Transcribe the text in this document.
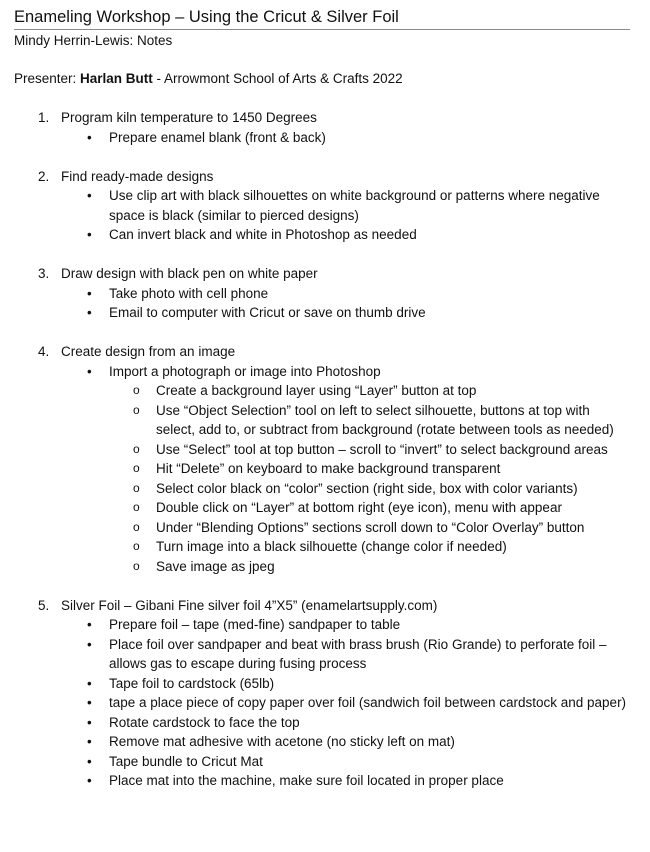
Enameling Workshop – Using the Cricut & Silver Foil

Mindy Herrin-Lewis: Notes

Presenter: Harlan Butt - Arrowmont School of Arts & Crafts 2022

1. Program kiln temperature to 1450 Degrees
• Prepare enamel blank (front & back)
2. Find ready-made designs
• Use clip art with black silhouettes on white background or patterns where negative space is black (similar to pierced designs)
• Can invert black and white in Photoshop as needed
3. Draw design with black pen on white paper
• Take photo with cell phone
• Email to computer with Cricut or save on thumb drive
4. Create design from an image
• Import a photograph or image into Photoshop
o Create a background layer using “Layer” button at top
o Use “Object Selection” tool on left to select silhouette, buttons at top with select, add to, or subtract from background (rotate between tools as needed)
o Use “Select” tool at top button – scroll to “invert” to select background areas
o Hit “Delete” on keyboard to make background transparent
o Select color black on “color” section (right side, box with color variants)
o Double click on “Layer” at bottom right (eye icon), menu with appear
o Under “Blending Options” sections scroll down to “Color Overlay” button
o Turn image into a black silhouette (change color if needed)
o Save image as jpeg
5. Silver Foil – Gibani Fine silver foil 4”X5” (enamelartsupply.com)
• Prepare foil – tape (med-fine) sandpaper to table
• Place foil over sandpaper and beat with brass brush (Rio Grande) to perforate foil – allows gas to escape during fusing process
• Tape foil to cardstock (65lb)
• tape a place piece of copy paper over foil (sandwich foil between cardstock and paper)
• Rotate cardstock to face the top
• Remove mat adhesive with acetone (no sticky left on mat)
• Tape bundle to Cricut Mat
• Place mat into the machine, make sure foil located in proper place
